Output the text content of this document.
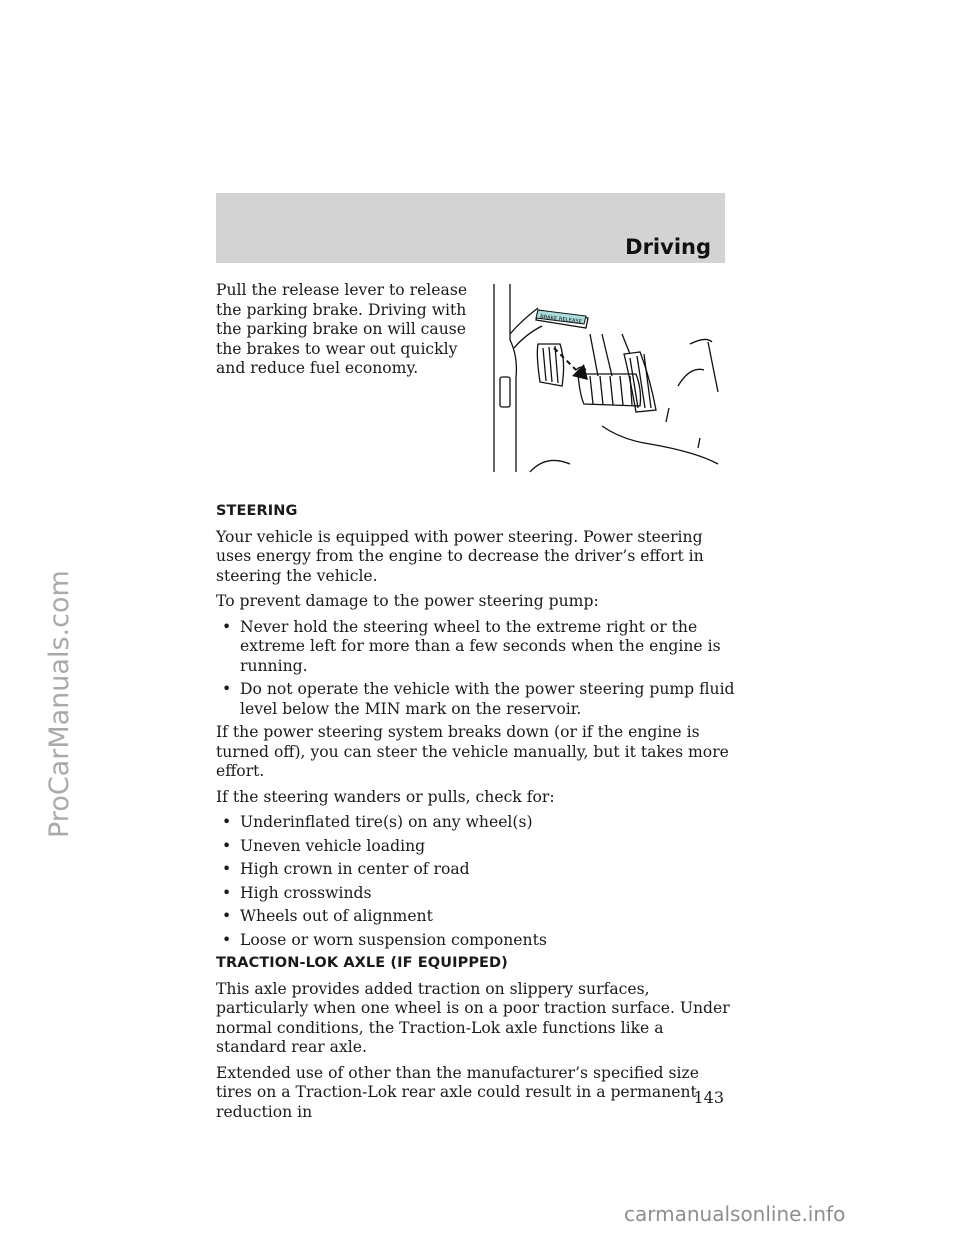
ProCarManuals.com
Driving
Pull the release lever to release the parking brake. Driving with the parking brake on will cause the brakes to wear out quickly and reduce fuel economy.
BRAKE RELEASE
STEERING

Your vehicle is equipped with power steering. Power steering uses energy from the engine to decrease the driver’s effort in steering the vehicle.

To prevent damage to the power steering pump:

• Never hold the steering wheel to the extreme right or the extreme left for more than a few seconds when the engine is running.
• Do not operate the vehicle with the power steering pump fluid level below the MIN mark on the reservoir.

If the power steering system breaks down (or if the engine is turned off), you can steer the vehicle manually, but it takes more effort.

If the steering wanders or pulls, check for:

• Underinflated tire(s) on any wheel(s)
• Uneven vehicle loading
• High crown in center of road
• High crosswinds
• Wheels out of alignment
• Loose or worn suspension components
TRACTION-LOK AXLE (IF EQUIPPED)

This axle provides added traction on slippery surfaces, particularly when one wheel is on a poor traction surface. Under normal conditions, the Traction-Lok axle functions like a standard rear axle.

Extended use of other than the manufacturer’s specified size tires on a Traction-Lok rear axle could result in a permanent reduction in

143
carmanualsonline.info
